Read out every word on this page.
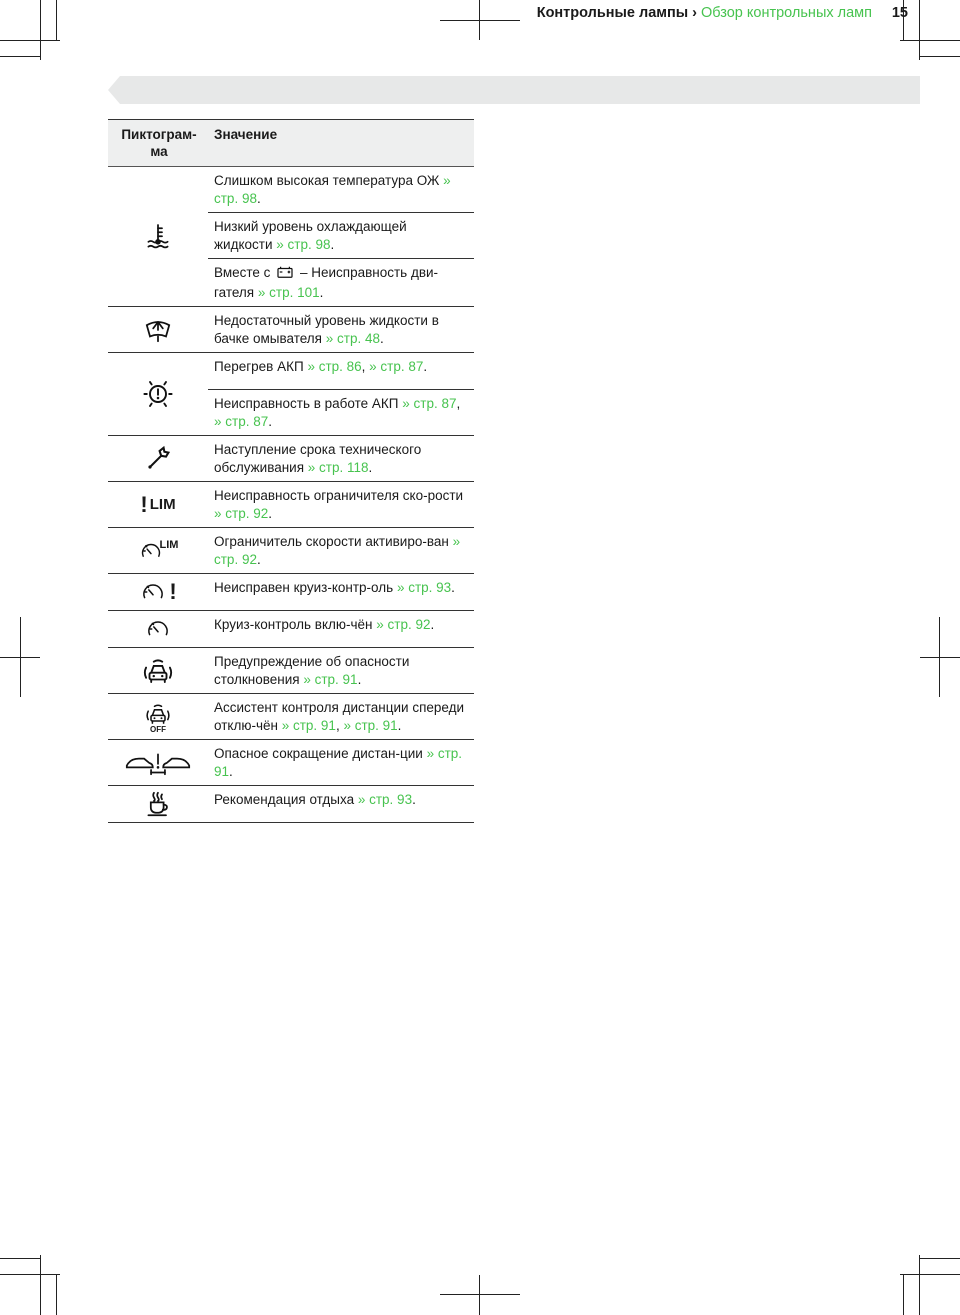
Контрольные лампы › Обзор контрольных ламп 15
Пиктограм-ма
Значение
Слишком высокая температура ОЖ » стр. 98.
Низкий уровень охлаждающей жидкости » стр. 98.
Вместе с  – Неисправность дви-гателя » стр. 101.
Недостаточный уровень жидкости в бачке омывателя » стр. 48.
Перегрев АКП » стр. 86, » стр. 87.
Неисправность в работе АКП » стр. 87, » стр. 87.
Наступление срока технического обслуживания » стр. 118.
! LIM
Неисправность ограничителя ско-рости » стр. 92.
LIM	Ограничитель скорости активиро-ван » стр. 92.
!	Неисправен круиз-контр-оль » стр. 93.
Круиз-контроль вклю-чён » стр. 92.
Предупреждение об опасности столкновения » стр. 91.
OFF
Ассистент контроля дистанции спереди отклю-чён » стр. 91, » стр. 91.
Опасное сокращение дистан-ции » стр. 91.
Рекомендация отдыха » стр. 93.
